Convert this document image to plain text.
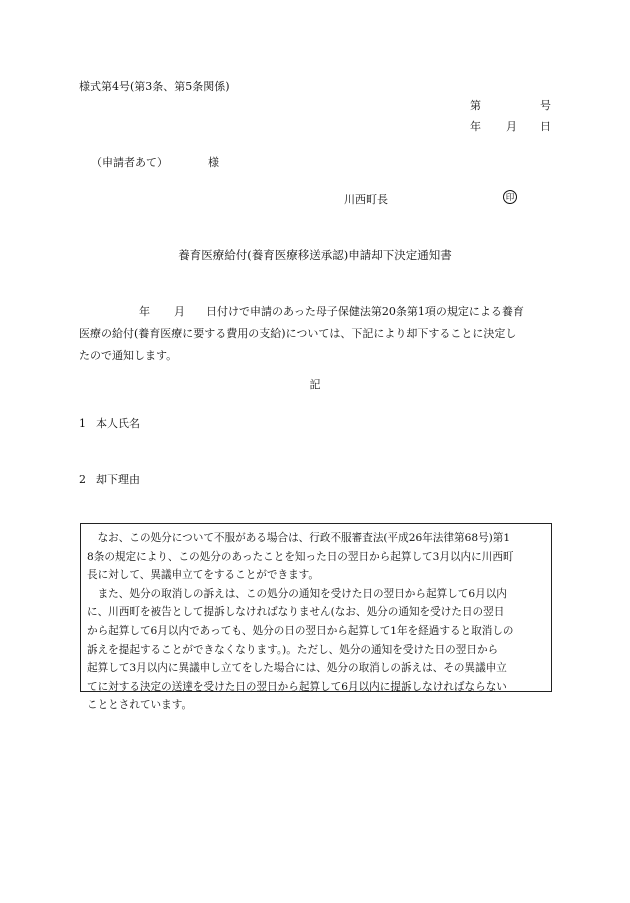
様式第4号(第3条、第5条関係)
第	号
年 月 日
（申請者あて）	様
川西町長	印
養育医療給付(養育医療移送承認)申請却下決定通知書
年 月 日付けで申請のあった母子保健法第20条第1項の規定による養育
医療の給付(養育医療に要する費用の支給)については、下記により却下することに決定し
たので通知します。
記
1 本人氏名
2 却下理由
　なお、この処分について不服がある場合は、行政不服審査法(平成26年法律第68号)第1
8条の規定により、この処分のあったことを知った日の翌日から起算して3月以内に川西町
長に対して、異議申立てをすることができます。
　また、処分の取消しの訴えは、この処分の通知を受けた日の翌日から起算して6月以内
に、川西町を被告として提訴しなければなりません(なお、処分の通知を受けた日の翌日
から起算して6月以内であっても、処分の日の翌日から起算して1年を経過すると取消しの
訴えを提起することができなくなります。)。ただし、処分の通知を受けた日の翌日から
起算して3月以内に異議申し立てをした場合には、処分の取消しの訴えは、その異議申立
てに対する決定の送達を受けた日の翌日から起算して6月以内に提訴しなければならない
こととされています。
